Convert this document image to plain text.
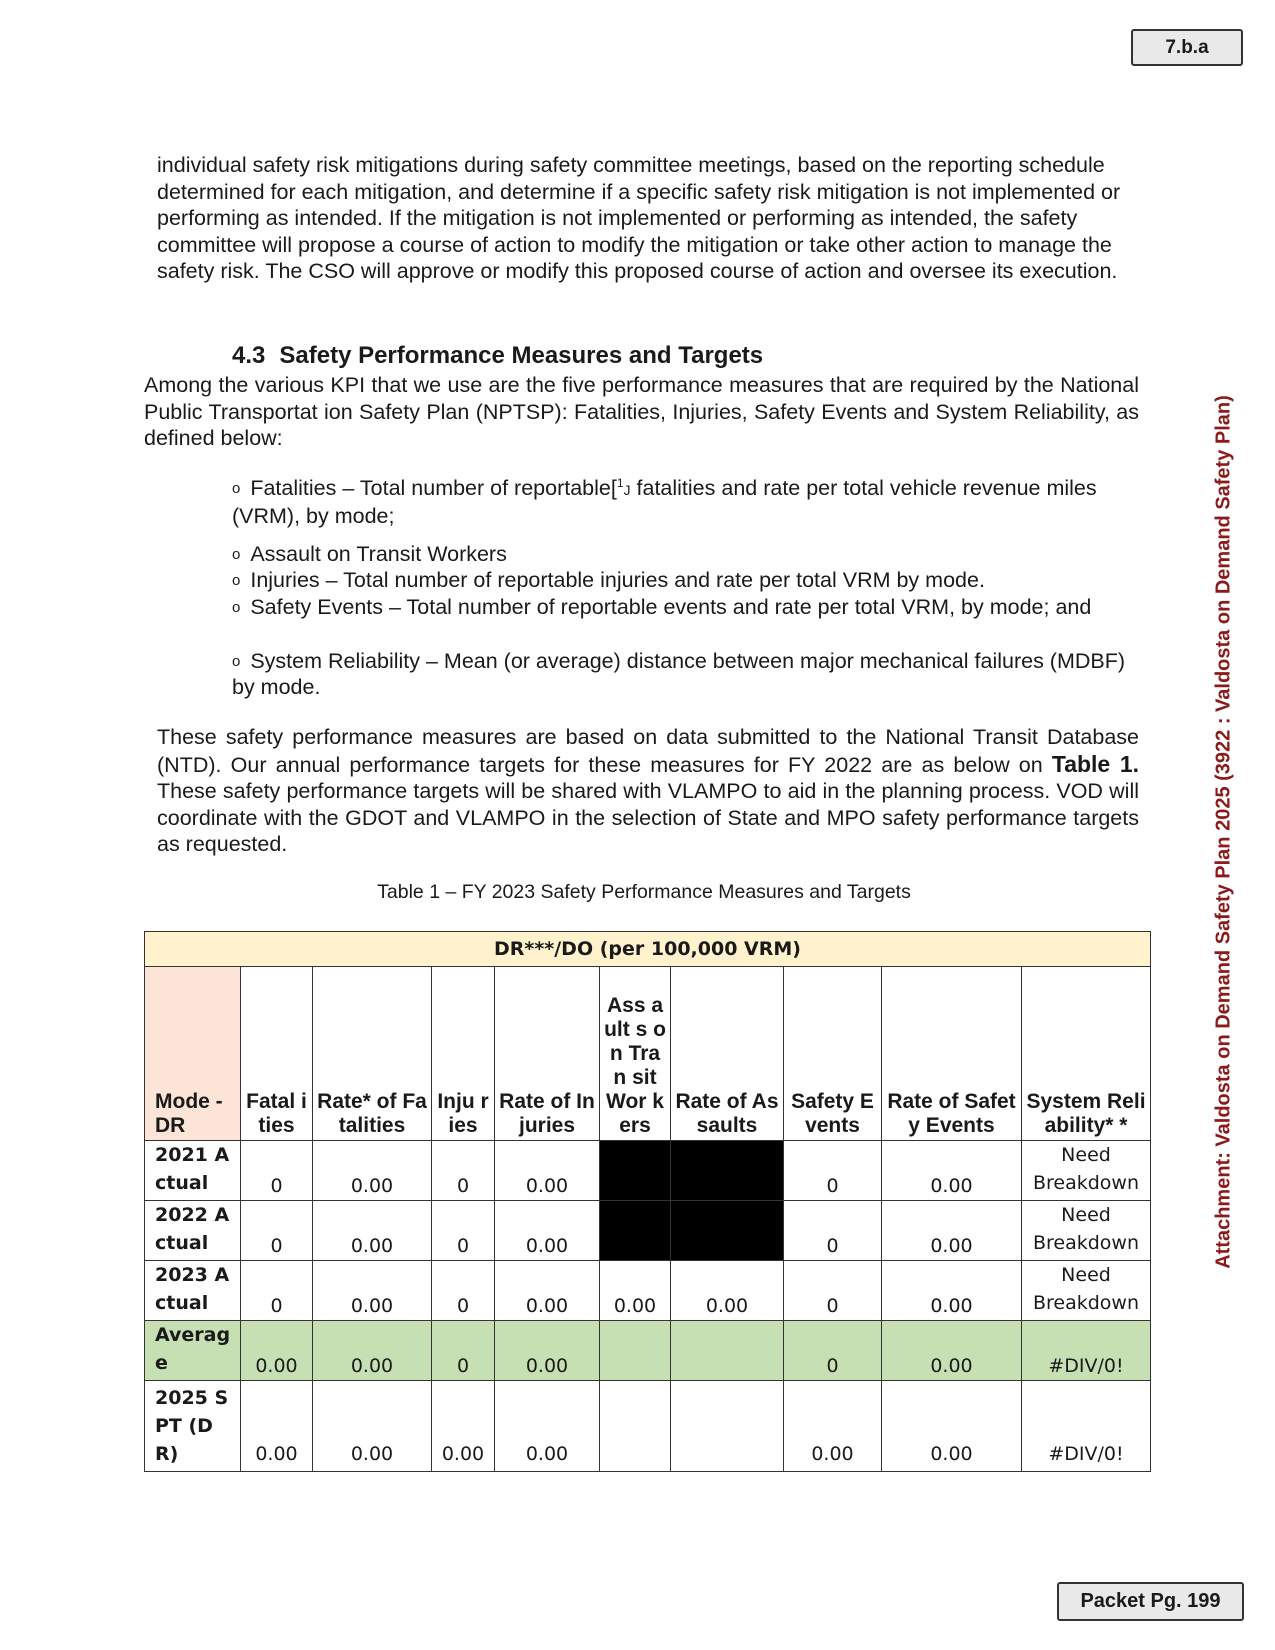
7.b.a
Attachment: Valdosta on Demand Safety Plan 2025 (3922 : Valdosta on Demand Safety Plan)

individual safety risk mitigations during safety committee meetings, based on the reporting schedule determined for each mitigation, and determine if a specific safety risk mitigation is not implemented or performing as intended. If the mitigation is not implemented or performing as intended, the safety committee will propose a course of action to modify the mitigation or take other action to manage the safety risk. The CSO will approve or modify this proposed course of action and oversee its execution.

4.3 Safety Performance Measures and Targets

Among the various KPI that we use are the five performance measures that are required by the National Public Transportat ion Safety Plan (NPTSP): Fatalities, Injuries, Safety Events and System Reliability, as defined below:

o Fatalities – Total number of reportable[$^1$J fatalities and rate per total vehicle revenue miles (VRM), by mode;

o Assault on Transit Workers

o Injuries – Total number of reportable injuries and rate per total VRM by mode.

o Safety Events – Total number of reportable events and rate per total VRM, by mode; and

o System Reliability – Mean (or average) distance between major mechanical failures (MDBF) by mode.

These safety performance measures are based on data submitted to the National Transit Database (NTD). Our annual performance targets for these measures for FY 2022 are as below on Table 1. These safety performance targets will be shared with VLAMPO to aid in the planning process. VOD will coordinate with the GDOT and VLAMPO in the selection of State and MPO safety performance targets as requested.

Table 1 – FY 2023 Safety Performance Measures and Targets

DR***/DO (per 100,000 VRM)									
Mode - DR	Fatal ities	Rate* of Fatalities	Inju ries	Rate of Injuries	Ass ault s on Tran sit Wor kers	Rate of Assaults	Safety Events	Rate of Safety Events	System Reliability* *
2021 Actual	0	0.00	0	0.00			0	0.00	Need Breakdown
2022 Actual	0	0.00	0	0.00			0	0.00	Need Breakdown
2023 Actual	0	0.00	0	0.00	0.00	0.00	0	0.00	Need Breakdown
Averag e	0.00	0.00	0	0.00			0	0.00	#DIV/0!
2025 SPT (DR)	0.00	0.00	0.00	0.00			0.00	0.00	#DIV/0!
Packet Pg. 199
